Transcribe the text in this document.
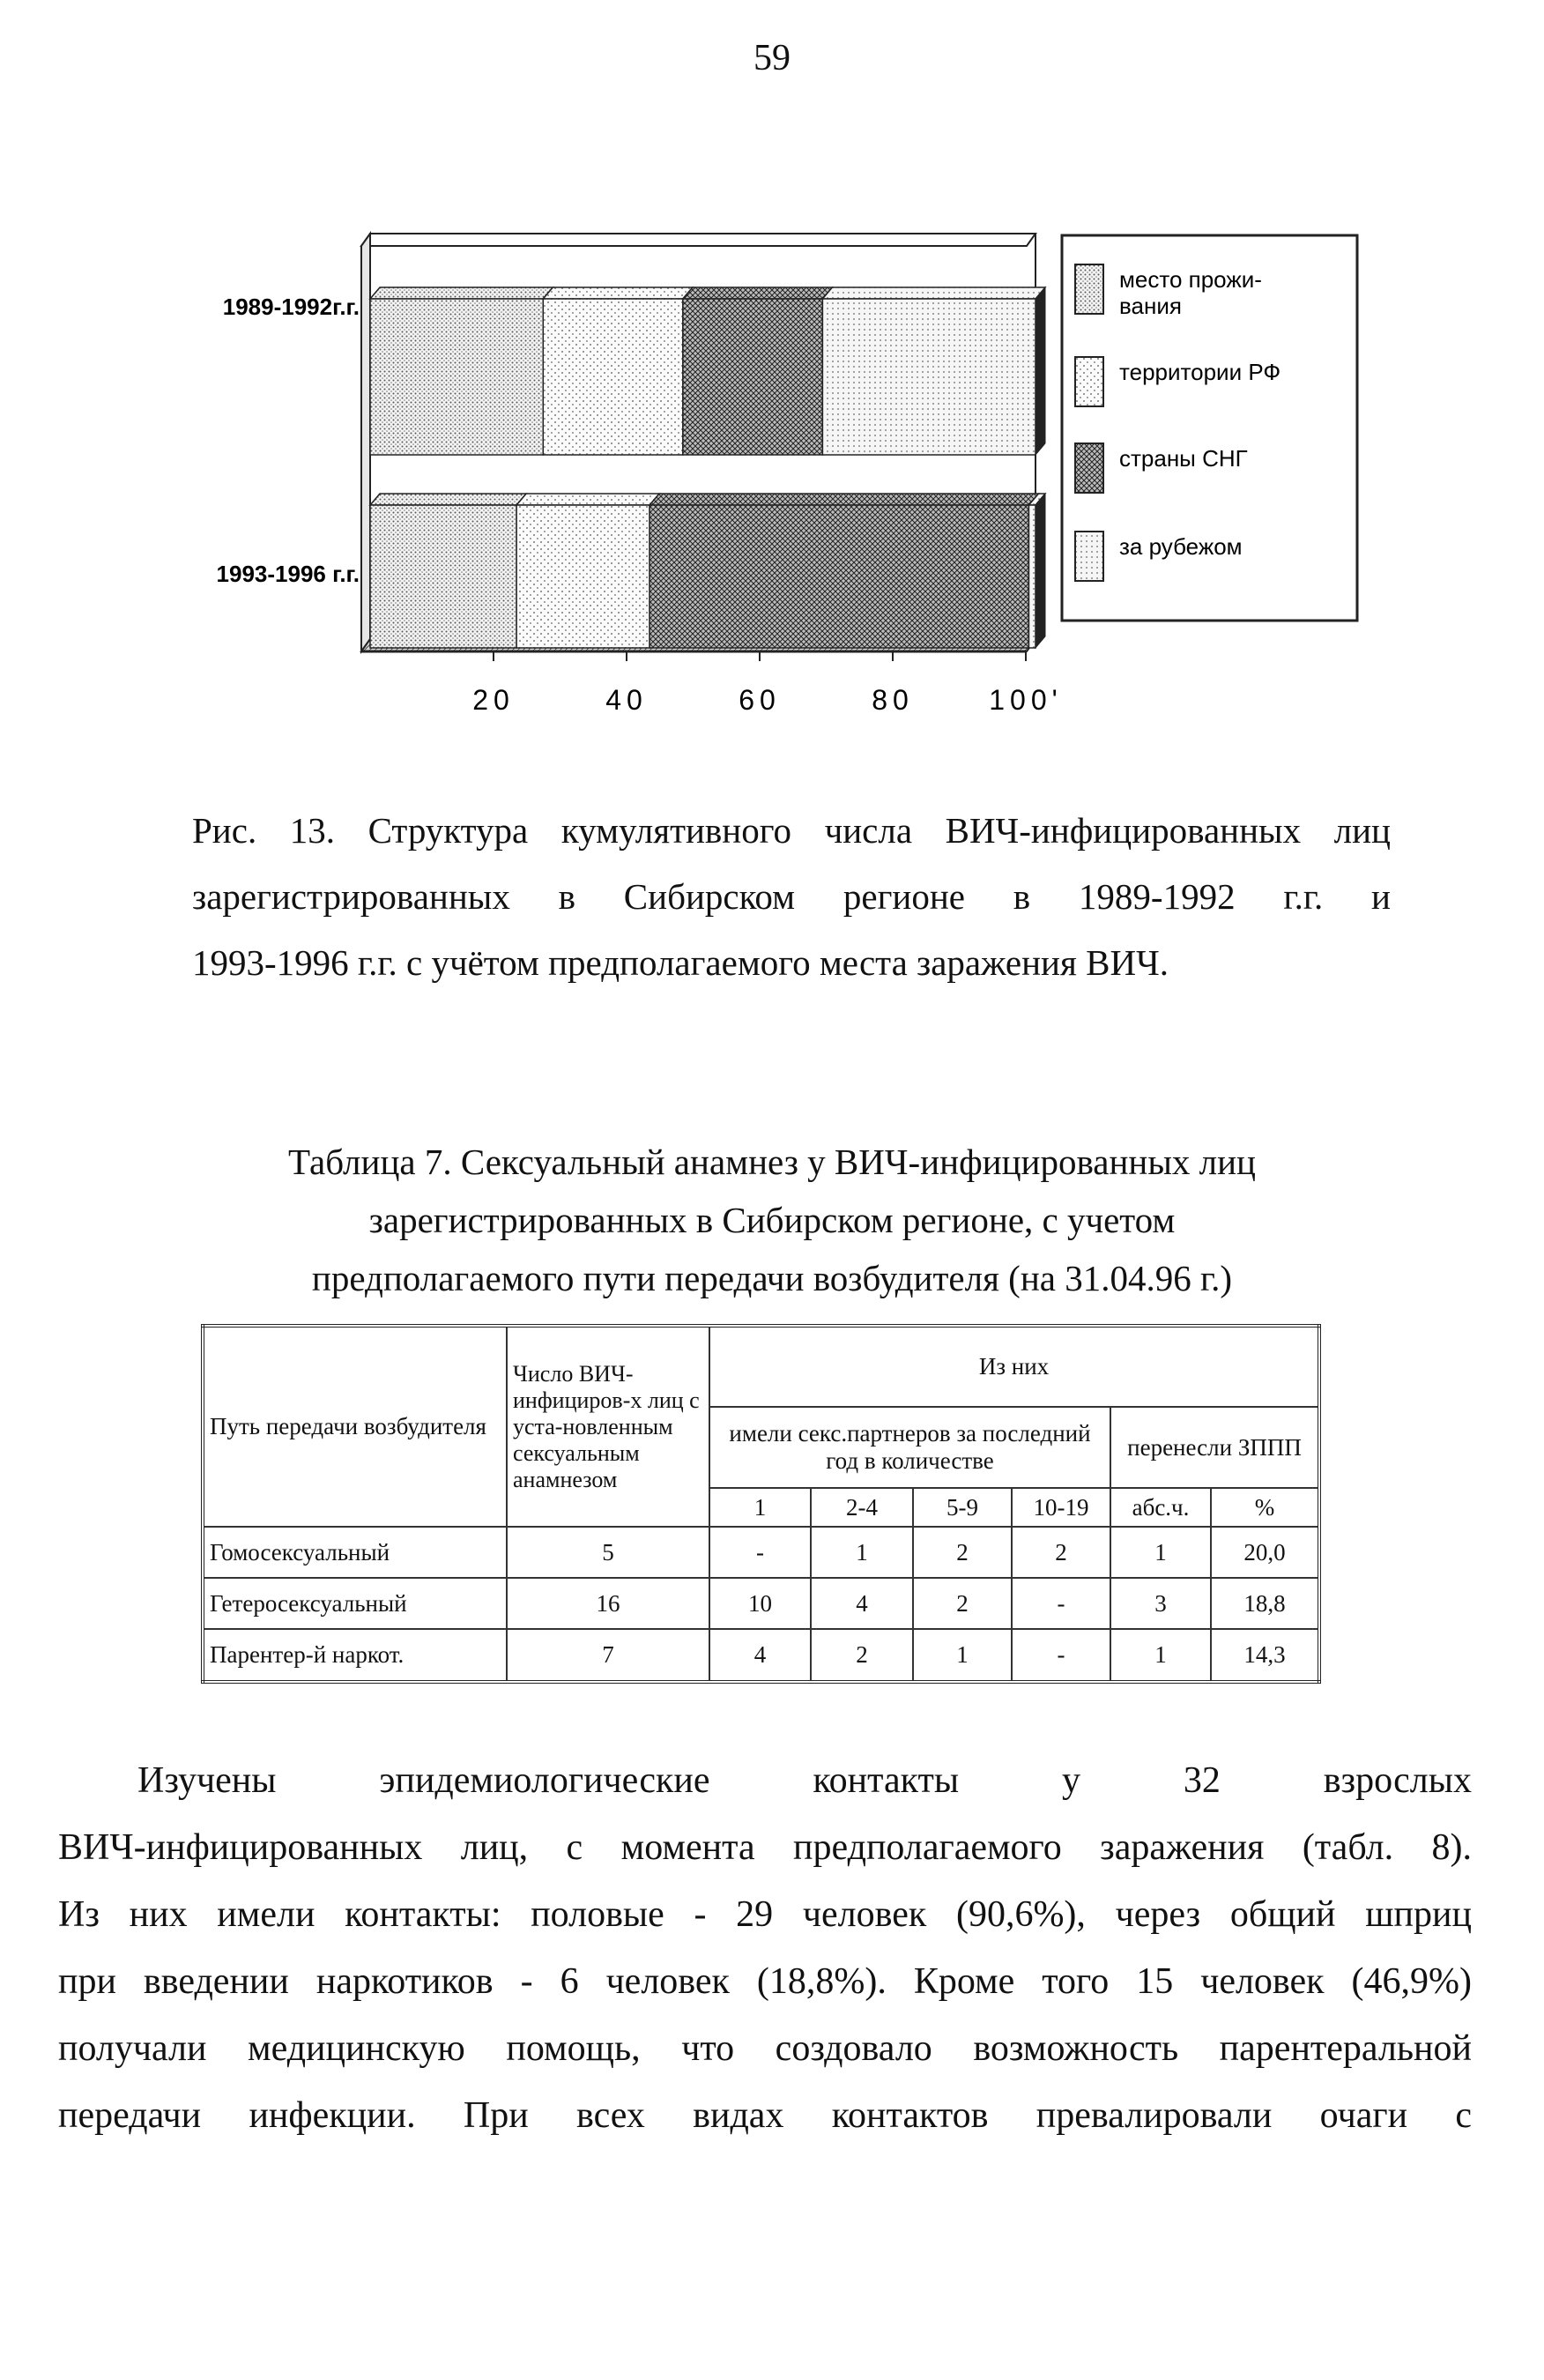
59
20	40	60	80	100'
1989-1992г.г.
1993-1996 г.г.
место прожи-
вания
территории РФ
страны СНГ
за рубежом
Рис. 13. Структура кумулятивного числа ВИЧ-инфицированных лиц
зарегистрированных в Сибирском регионе в 1989-1992 г.г. и
1993-1996 г.г. с учётом предполагаемого места заражения ВИЧ.
Таблица 7. Сексуальный анамнез у ВИЧ-инфицированных лиц
зарегистрированных в Сибирском регионе, с учетом
предполагаемого пути передачи возбудителя (на 31.04.96 г.)
Путь передачи возбудителя	Число ВИЧ-инфициров-х лиц с уста-новленным сексуальным анамнезом	Из них					
		имели секс.партнеров за последний год в количестве				перенесли ЗППП	
		1	2-4	5-9	10-19	абс.ч.	%
Гомосексуальный	5	-	1	2	2	1	20,0
Гетеросексуальный	16	10	4	2	-	3	18,8
Парентер-й наркот.	7	4	2	1	-	1	14,3
Изучены эпидемиологические контакты у 32 взрослых
ВИЧ-инфицированных лиц, с момента предполагаемого заражения (табл. 8).
Из них имели контакты: половые - 29 человек (90,6%), через общий шприц
при введении наркотиков - 6 человек (18,8%). Кроме того 15 человек (46,9%)
получали медицинскую помощь, что создовало возможность парентеральной
передачи инфекции. При всех видах контактов превалировали очаги с
